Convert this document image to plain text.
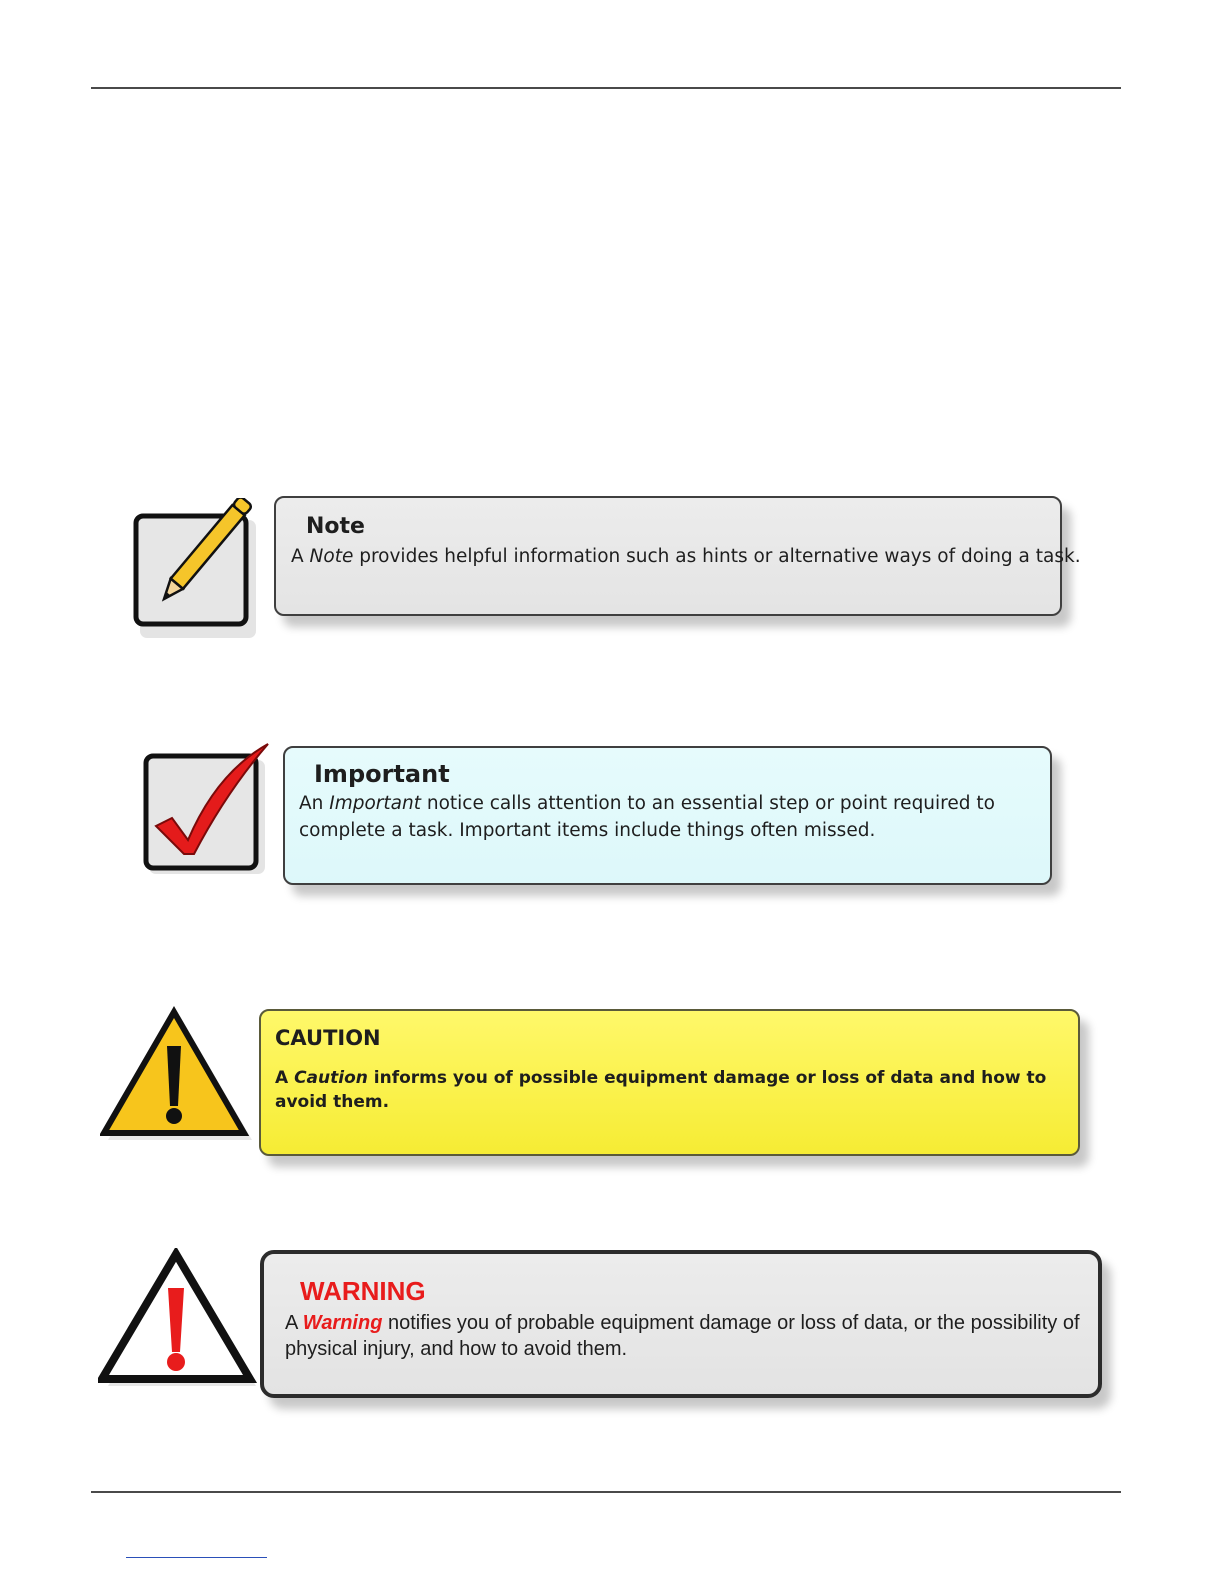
Note
A Note provides helpful information such as hints or alternative ways of doing a task.
Important
An Important notice calls attention to an essential step or point required to complete a task. Important items include things often missed.
CAUTION
A Caution informs you of possible equipment damage or loss of data and how to avoid them.
WARNING
A Warning notifies you of probable equipment damage or loss of data, or the possibility of physical injury, and how to avoid them.
